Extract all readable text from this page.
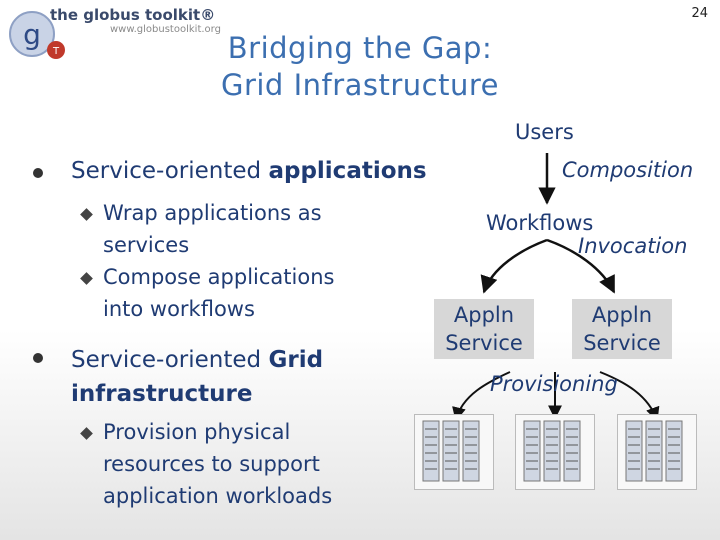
g
T
the globus toolkit®
www.globustoolkit.org
24
Bridging the Gap:
Grid Infrastructure
Service-oriented applications
Wrap applications as
services
Compose applications
into workflows
Service-oriented Grid
infrastructure
Provision physical
resources to support
application workloads
Users
Composition
Workflows
Invocation
Appln
Service
Appln
Service
Provisioning
